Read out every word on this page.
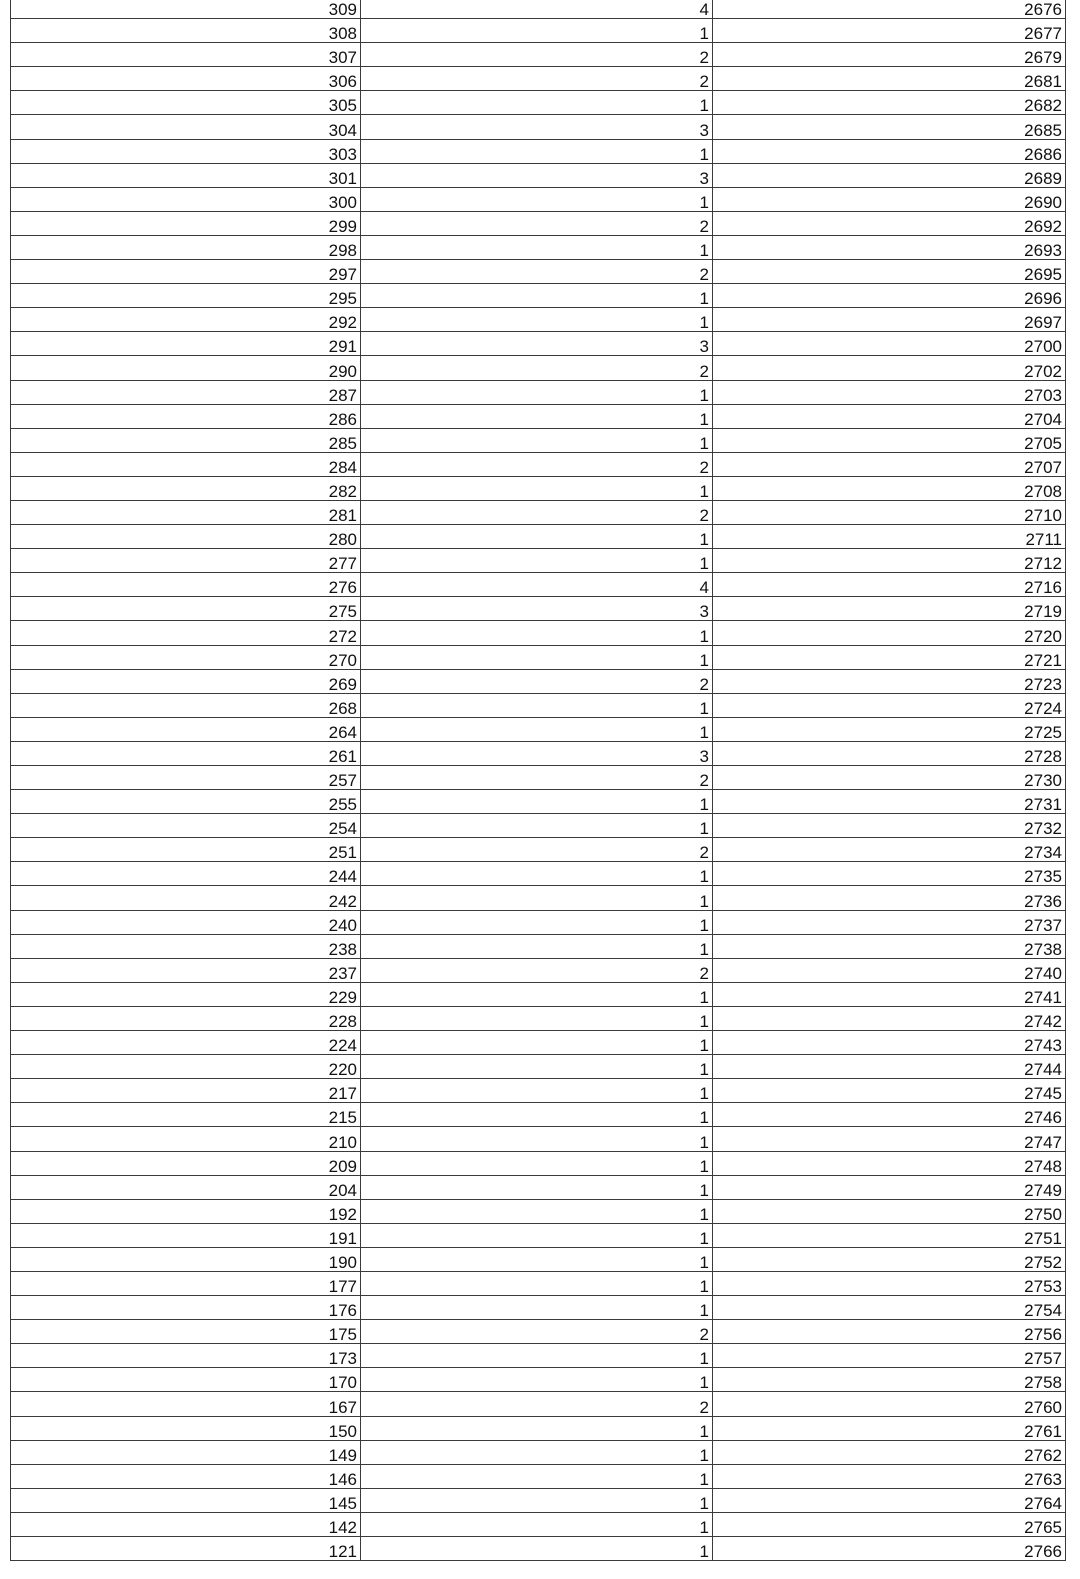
309	4	2676
308	1	2677
307	2	2679
306	2	2681
305	1	2682
304	3	2685
303	1	2686
301	3	2689
300	1	2690
299	2	2692
298	1	2693
297	2	2695
295	1	2696
292	1	2697
291	3	2700
290	2	2702
287	1	2703
286	1	2704
285	1	2705
284	2	2707
282	1	2708
281	2	2710
280	1	2711
277	1	2712
276	4	2716
275	3	2719
272	1	2720
270	1	2721
269	2	2723
268	1	2724
264	1	2725
261	3	2728
257	2	2730
255	1	2731
254	1	2732
251	2	2734
244	1	2735
242	1	2736
240	1	2737
238	1	2738
237	2	2740
229	1	2741
228	1	2742
224	1	2743
220	1	2744
217	1	2745
215	1	2746
210	1	2747
209	1	2748
204	1	2749
192	1	2750
191	1	2751
190	1	2752
177	1	2753
176	1	2754
175	2	2756
173	1	2757
170	1	2758
167	2	2760
150	1	2761
149	1	2762
146	1	2763
145	1	2764
142	1	2765
121	1	2766
